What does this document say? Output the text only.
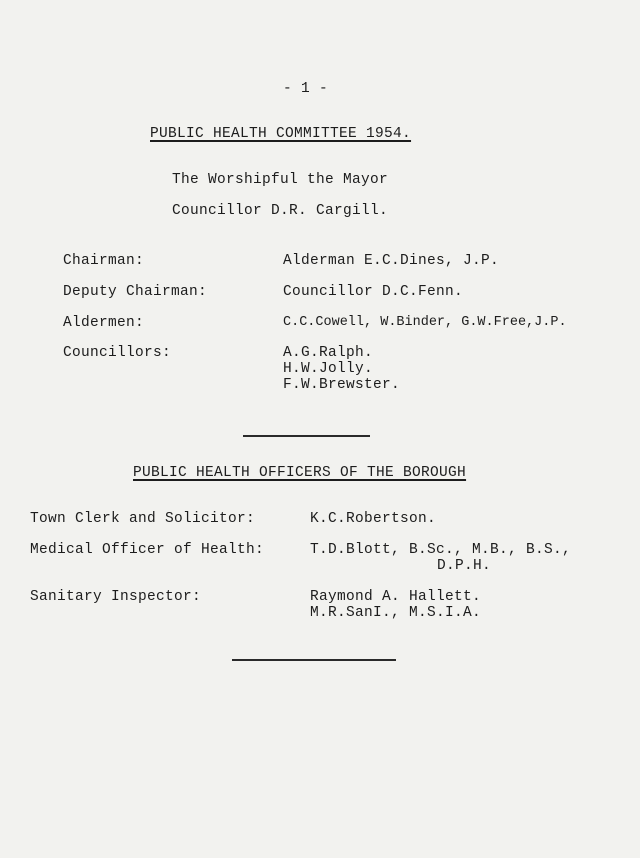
- 1 -
PUBLIC HEALTH COMMITTEE 1954.
The Worshipful the Mayor
Councillor D.R. Cargill.
Chairman:	Alderman E.C.Dines, J.P.
Deputy Chairman:	Councillor D.C.Fenn.
Aldermen:	C.C.Cowell, W.Binder, G.W.Free,J.P.
Councillors:	A.G.Ralph.
H.W.Jolly.
F.W.Brewster.
PUBLIC HEALTH OFFICERS OF THE BOROUGH
Town Clerk and Solicitor:	K.C.Robertson.
Medical Officer of Health:	T.D.Blott, B.Sc., M.B., B.S.,
D.P.H.
Sanitary Inspector:	Raymond A. Hallett.
M.R.SanI., M.S.I.A.
